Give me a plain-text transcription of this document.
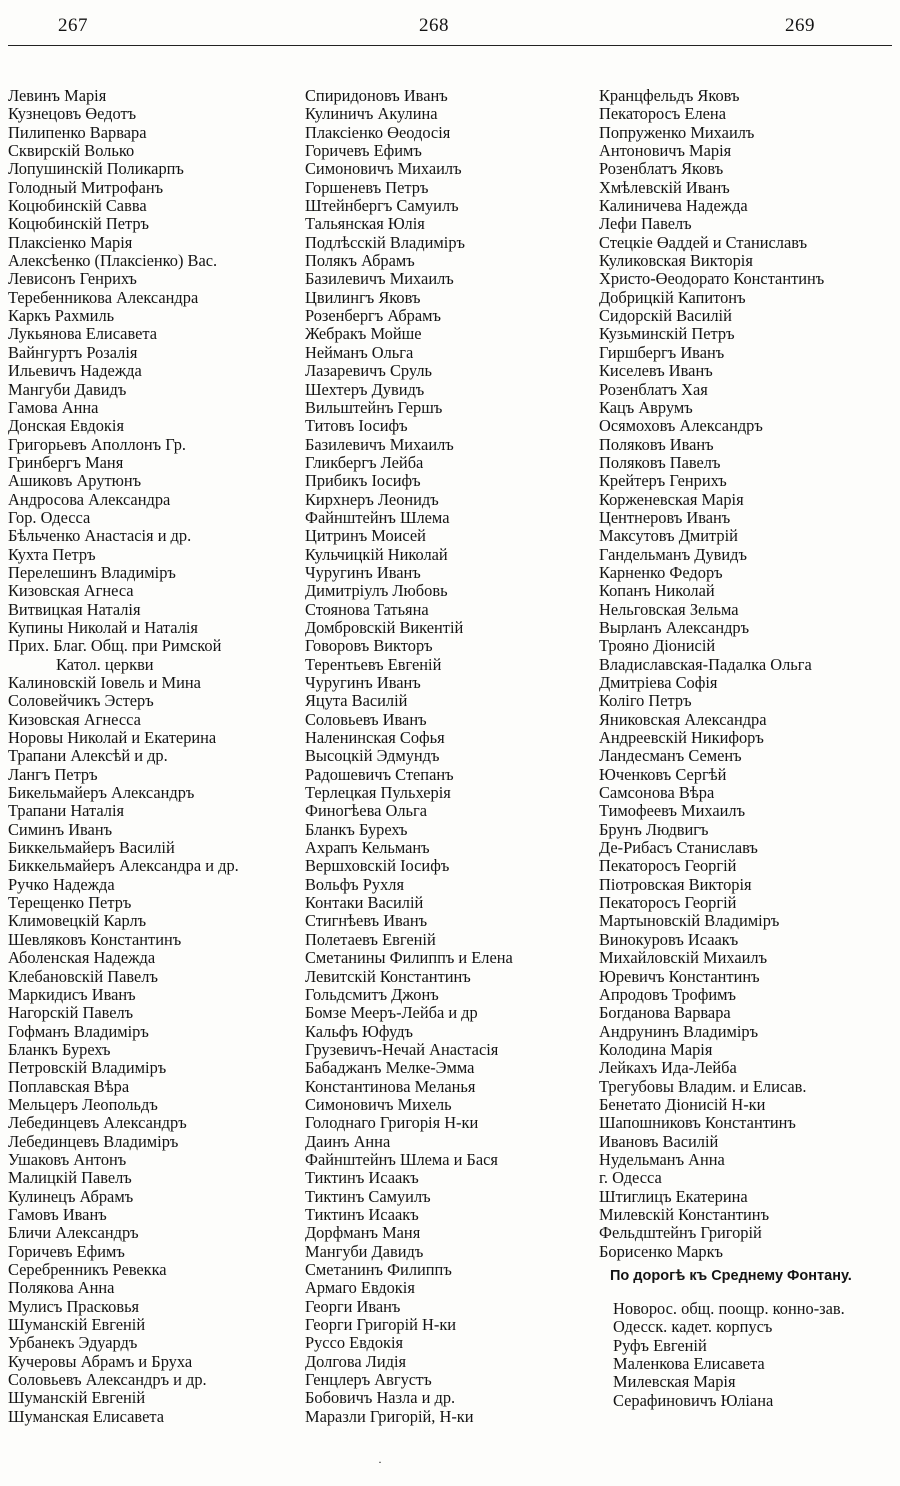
267	268	269
Левинъ Марія
Кузнецовъ Өедотъ
Пилипенко Варвара
Сквирскій Волько
Лопушинскій Поликарпъ
Голодный Митрофанъ
Коцюбинскій Савва
Коцюбинскій Петръ
Плаксіенко Марія
Алексѣенко (Плаксіенко) Вас.
Левисонъ Генрихъ
Теребенникова Александра
Каркъ Рахмиль
Лукьянова Елисавета
Вайнгуртъ Розалія
Ильевичъ Надежда
Мангуби Давидъ
Гамова Анна
Донская Евдокія
Григорьевъ Аполлонъ Гр.
Гринбергъ Маня
Ашиковъ Арутюнъ
Андросова Александра
Гор. Одесса
Бѣльченко Анастасія и др.
Кухта Петръ
Перелешинъ Владиміръ
Кизовская Агнеса
Витвицкая Наталія
Купины Николай и Наталія
Прих. Благ. Общ. при Римской
Катол. церкви
Калиновскій Іовель и Мина
Соловейчикъ Эстеръ
Кизовская Агнесса
Норовы Николай и Екатерина
Трапани Алексѣй и др.
Лангъ Петръ
Бикельмайеръ Александръ
Трапани Наталія
Симинъ Иванъ
Биккельмайеръ Василій
Биккельмайеръ Александра и др.
Ручко Надежда
Терещенко Петръ
Климовецкій Карлъ
Шевляковъ Константинъ
Аболенская Надежда
Клебановскій Павелъ
Маркидисъ Иванъ
Нагорскій Павелъ
Гофманъ Владиміръ
Бланкъ Бурехъ
Петровскій Владиміръ
Поплавская Вѣра
Мельцеръ Леопольдъ
Лебединцевъ Александръ
Лебединцевъ Владиміръ
Ушаковъ Антонъ
Малицкій Павелъ
Кулинецъ Абрамъ
Гамовъ Иванъ
Бличи Александръ
Горичевъ Ефимъ
Серебренникъ Ревекка
Полякова Анна
Мулисъ Прасковья
Шуманскій Евгеній
Урбанекъ Эдуардъ
Кучеровы Абрамъ и Бруха
Соловьевъ Александръ и др.
Шуманскій Евгеній
Шуманская Елисавета
Спиридоновъ Иванъ
Кулиничъ Акулина
Плаксіенко Өеодосія
Горичевъ Ефимъ
Симоновичъ Михаилъ
Горшеневъ Петръ
Штейнбергъ Самуилъ
Тальянская Юлія
Подлѣсскій Владиміръ
Полякъ Абрамъ
Базилевичъ Михаилъ
Цвилингъ Яковъ
Розенбергъ Абрамъ
Жебракъ Мойше
Нейманъ Ольга
Лазаревичъ Сруль
Шехтеръ Дувидъ
Вильштейнъ Гершъ
Титовъ Іосифъ
Базилевичъ Михаилъ
Гликбергъ Лейба
Прибикъ Іосифъ
Кирхнеръ Леонидъ
Файнштейнъ Шлема
Цитринъ Моисей
Кульчицкій Николай
Чуругинъ Иванъ
Димитріулъ Любовь
Стоянова Татьяна
Домбровскій Викентій
Говоровъ Викторъ
Терентьевъ Евгеній
Чуругинъ Иванъ
Яцута Василій
Соловьевъ Иванъ
Наленинская Софья
Высоцкій Эдмундъ
Радошевичъ Степанъ
Терлецкая Пульхерія
Финогѣева Ольга
Бланкъ Бурехъ
Ахрапъ Кельманъ
Вершховскій Іосифъ
Вольфъ Рухля
Контаки Василій
Стигнѣевъ Иванъ
Полетаевъ Евгеній
Сметанины Филиппъ и Елена
Левитскій Константинъ
Гольдсмитъ Джонъ
Бомзе Мееръ-Лейба и др
Кальфъ Юфудъ
Грузевичъ-Нечай Анастасія
Бабаджанъ Мелке-Эмма
Константинова Меланья
Симоновичъ Михель
Голоднаго Григорія Н-ки
Даинъ Анна
Файнштейнъ Шлема и Бася
Тиктинъ Исаакъ
Тиктинъ Самуилъ
Тиктинъ Исаакъ
Дорфманъ Маня
Мангуби Давидъ
Сметанинъ Филиппъ
Армаго Евдокія
Георги Иванъ
Георги Григорій Н-ки
Руссо Евдокія
Долгова Лидія
Генцлеръ Августъ
Бобовичъ Назла и др.
Маразли Григорій, Н-ки
Кранцфельдъ Яковъ
Пекаторосъ Елена
Попруженко Михаилъ
Антоновичъ Марія
Розенблатъ Яковъ
Хмѣлевскій Иванъ
Калиничева Надежда
Лефи Павелъ
Стецкіе Өаддей и Станиславъ
Куликовская Викторія
Христо-Өеодорато Константинъ
Добрицкій Капитонъ
Сидорскій Василій
Кузьминскій Петръ
Гиршбергъ Иванъ
Киселевъ Иванъ
Розенблатъ Хая
Кацъ Аврумъ
Осямоховъ Александръ
Поляковъ Иванъ
Поляковъ Павелъ
Крейтеръ Генрихъ
Корженевская Марія
Центнеровъ Иванъ
Максутовъ Дмитрій
Гандельманъ Дувидъ
Карненко Федоръ
Копанъ Николай
Нельговская Зельма
Вырланъ Александръ
Трояно Діонисій
Владиславская-Падалка Ольга
Дмитріева Софія
Коліго Петръ
Яниковская Александра
Андреевскій Никифоръ
Ландесманъ Семенъ
Юченковъ Сергѣй
Самсонова Вѣра
Тимофеевъ Михаилъ
Брунъ Людвигъ
Де-Рибасъ Станиславъ
Пекаторосъ Георгій
Піотровская Викторія
Пекаторосъ Георгій
Мартыновскій Владиміръ
Винокуровъ Исаакъ
Михайловскій Михаилъ
Юревичъ Константинъ
Апродовъ Трофимъ
Богданова Варвара
Андрунинъ Владиміръ
Колодина Марія
Лейкахъ Ида-Лейба
Трегубовы Владим. и Елисав.
Бенетато Діонисій Н-ки
Шапошниковъ Константинъ
Ивановъ Василій
Нудельманъ Анна
г. Одесса
Штиглицъ Екатерина
Милевскій Константинъ
Фельдштейнъ Григорій
Борисенко Маркъ
По дорогѣ къ Среднему Фонтану.
Новорос. общ. поощр. конно-зав.
Одесск. кадет. корпусъ
Руфъ Евгеній
Маленкова Елисавета
Милевская Марія
Серафиновичъ Юліана
·
